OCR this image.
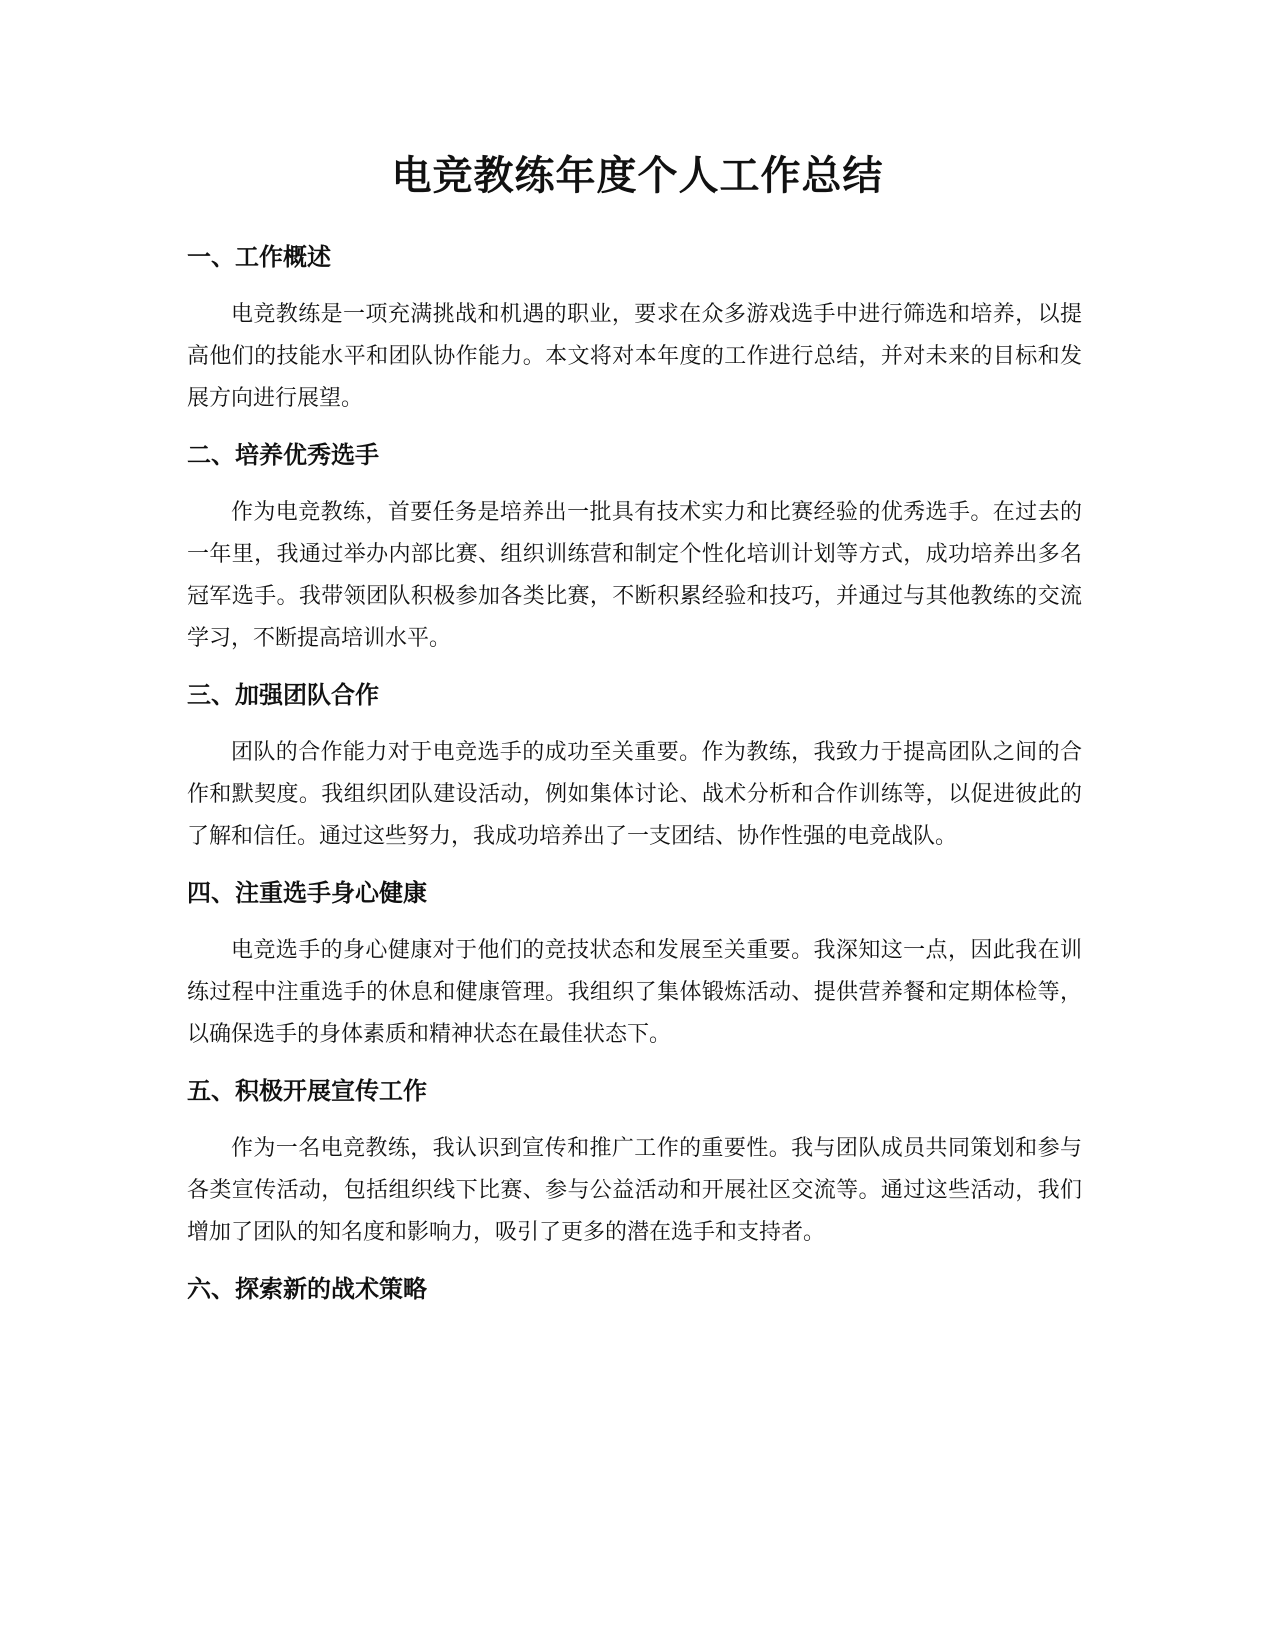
电竞教练年度个人工作总结
一、工作概述

电竞教练是一项充满挑战和机遇的职业，要求在众多游戏选手中进行筛选和培养，以提高他们的技能水平和团队协作能力。本文将对本年度的工作进行总结，并对未来的目标和发展方向进行展望。

二、培养优秀选手

作为电竞教练，首要任务是培养出一批具有技术实力和比赛经验的优秀选手。在过去的一年里，我通过举办内部比赛、组织训练营和制定个性化培训计划等方式，成功培养出多名冠军选手。我带领团队积极参加各类比赛，不断积累经验和技巧，并通过与其他教练的交流学习，不断提高培训水平。

三、加强团队合作

团队的合作能力对于电竞选手的成功至关重要。作为教练，我致力于提高团队之间的合作和默契度。我组织团队建设活动，例如集体讨论、战术分析和合作训练等，以促进彼此的了解和信任。通过这些努力，我成功培养出了一支团结、协作性强的电竞战队。

四、注重选手身心健康

电竞选手的身心健康对于他们的竞技状态和发展至关重要。我深知这一点，因此我在训练过程中注重选手的休息和健康管理。我组织了集体锻炼活动、提供营养餐和定期体检等，以确保选手的身体素质和精神状态在最佳状态下。

五、积极开展宣传工作

作为一名电竞教练，我认识到宣传和推广工作的重要性。我与团队成员共同策划和参与各类宣传活动，包括组织线下比赛、参与公益活动和开展社区交流等。通过这些活动，我们增加了团队的知名度和影响力，吸引了更多的潜在选手和支持者。

六、探索新的战术策略
